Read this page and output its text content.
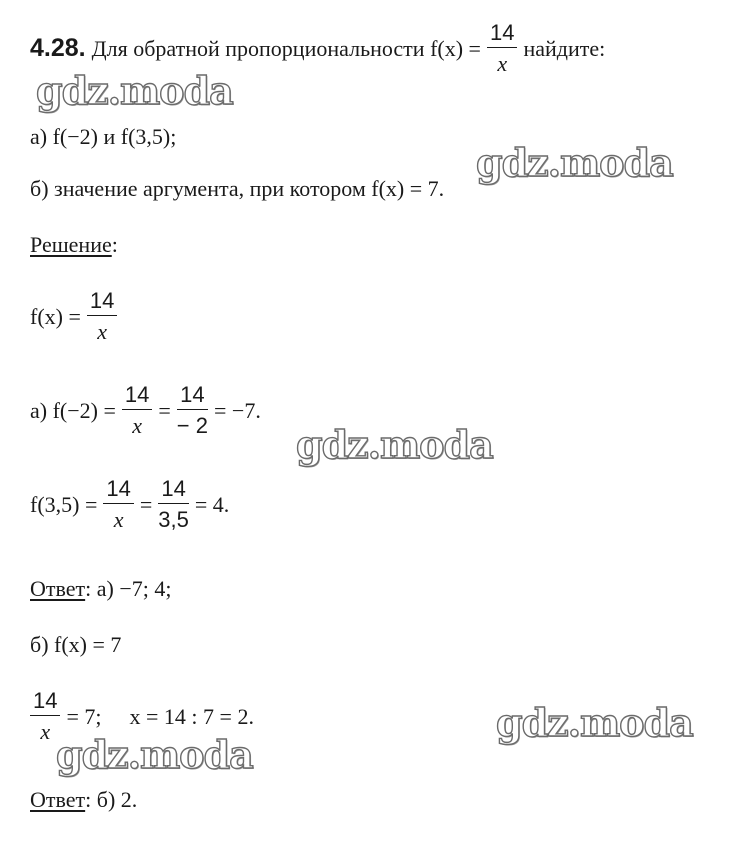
4.28. Для обратной пропорциональности $f(x) = \frac{14}{x}$ найдите:
а) f(−2) и f(3,5);
б) значение аргумента, при котором f(x) = 7.
Решение :
$f(x) = \frac{14}{x}$
а) $f(-2) = \frac{14}{x} = \frac{14}{- 2} = -7$.
$f(3,5) = \frac{14}{x} = \frac{14}{3,5} = 4$.
Ответ : а) −7; 4;
б) f(x) = 7
$\frac{14}{x} = 7$; x = 14 : 7 = 2.
Ответ : б) 2.
gdz.moda
gdz.moda
gdz.moda
gdz.moda
gdz.moda
